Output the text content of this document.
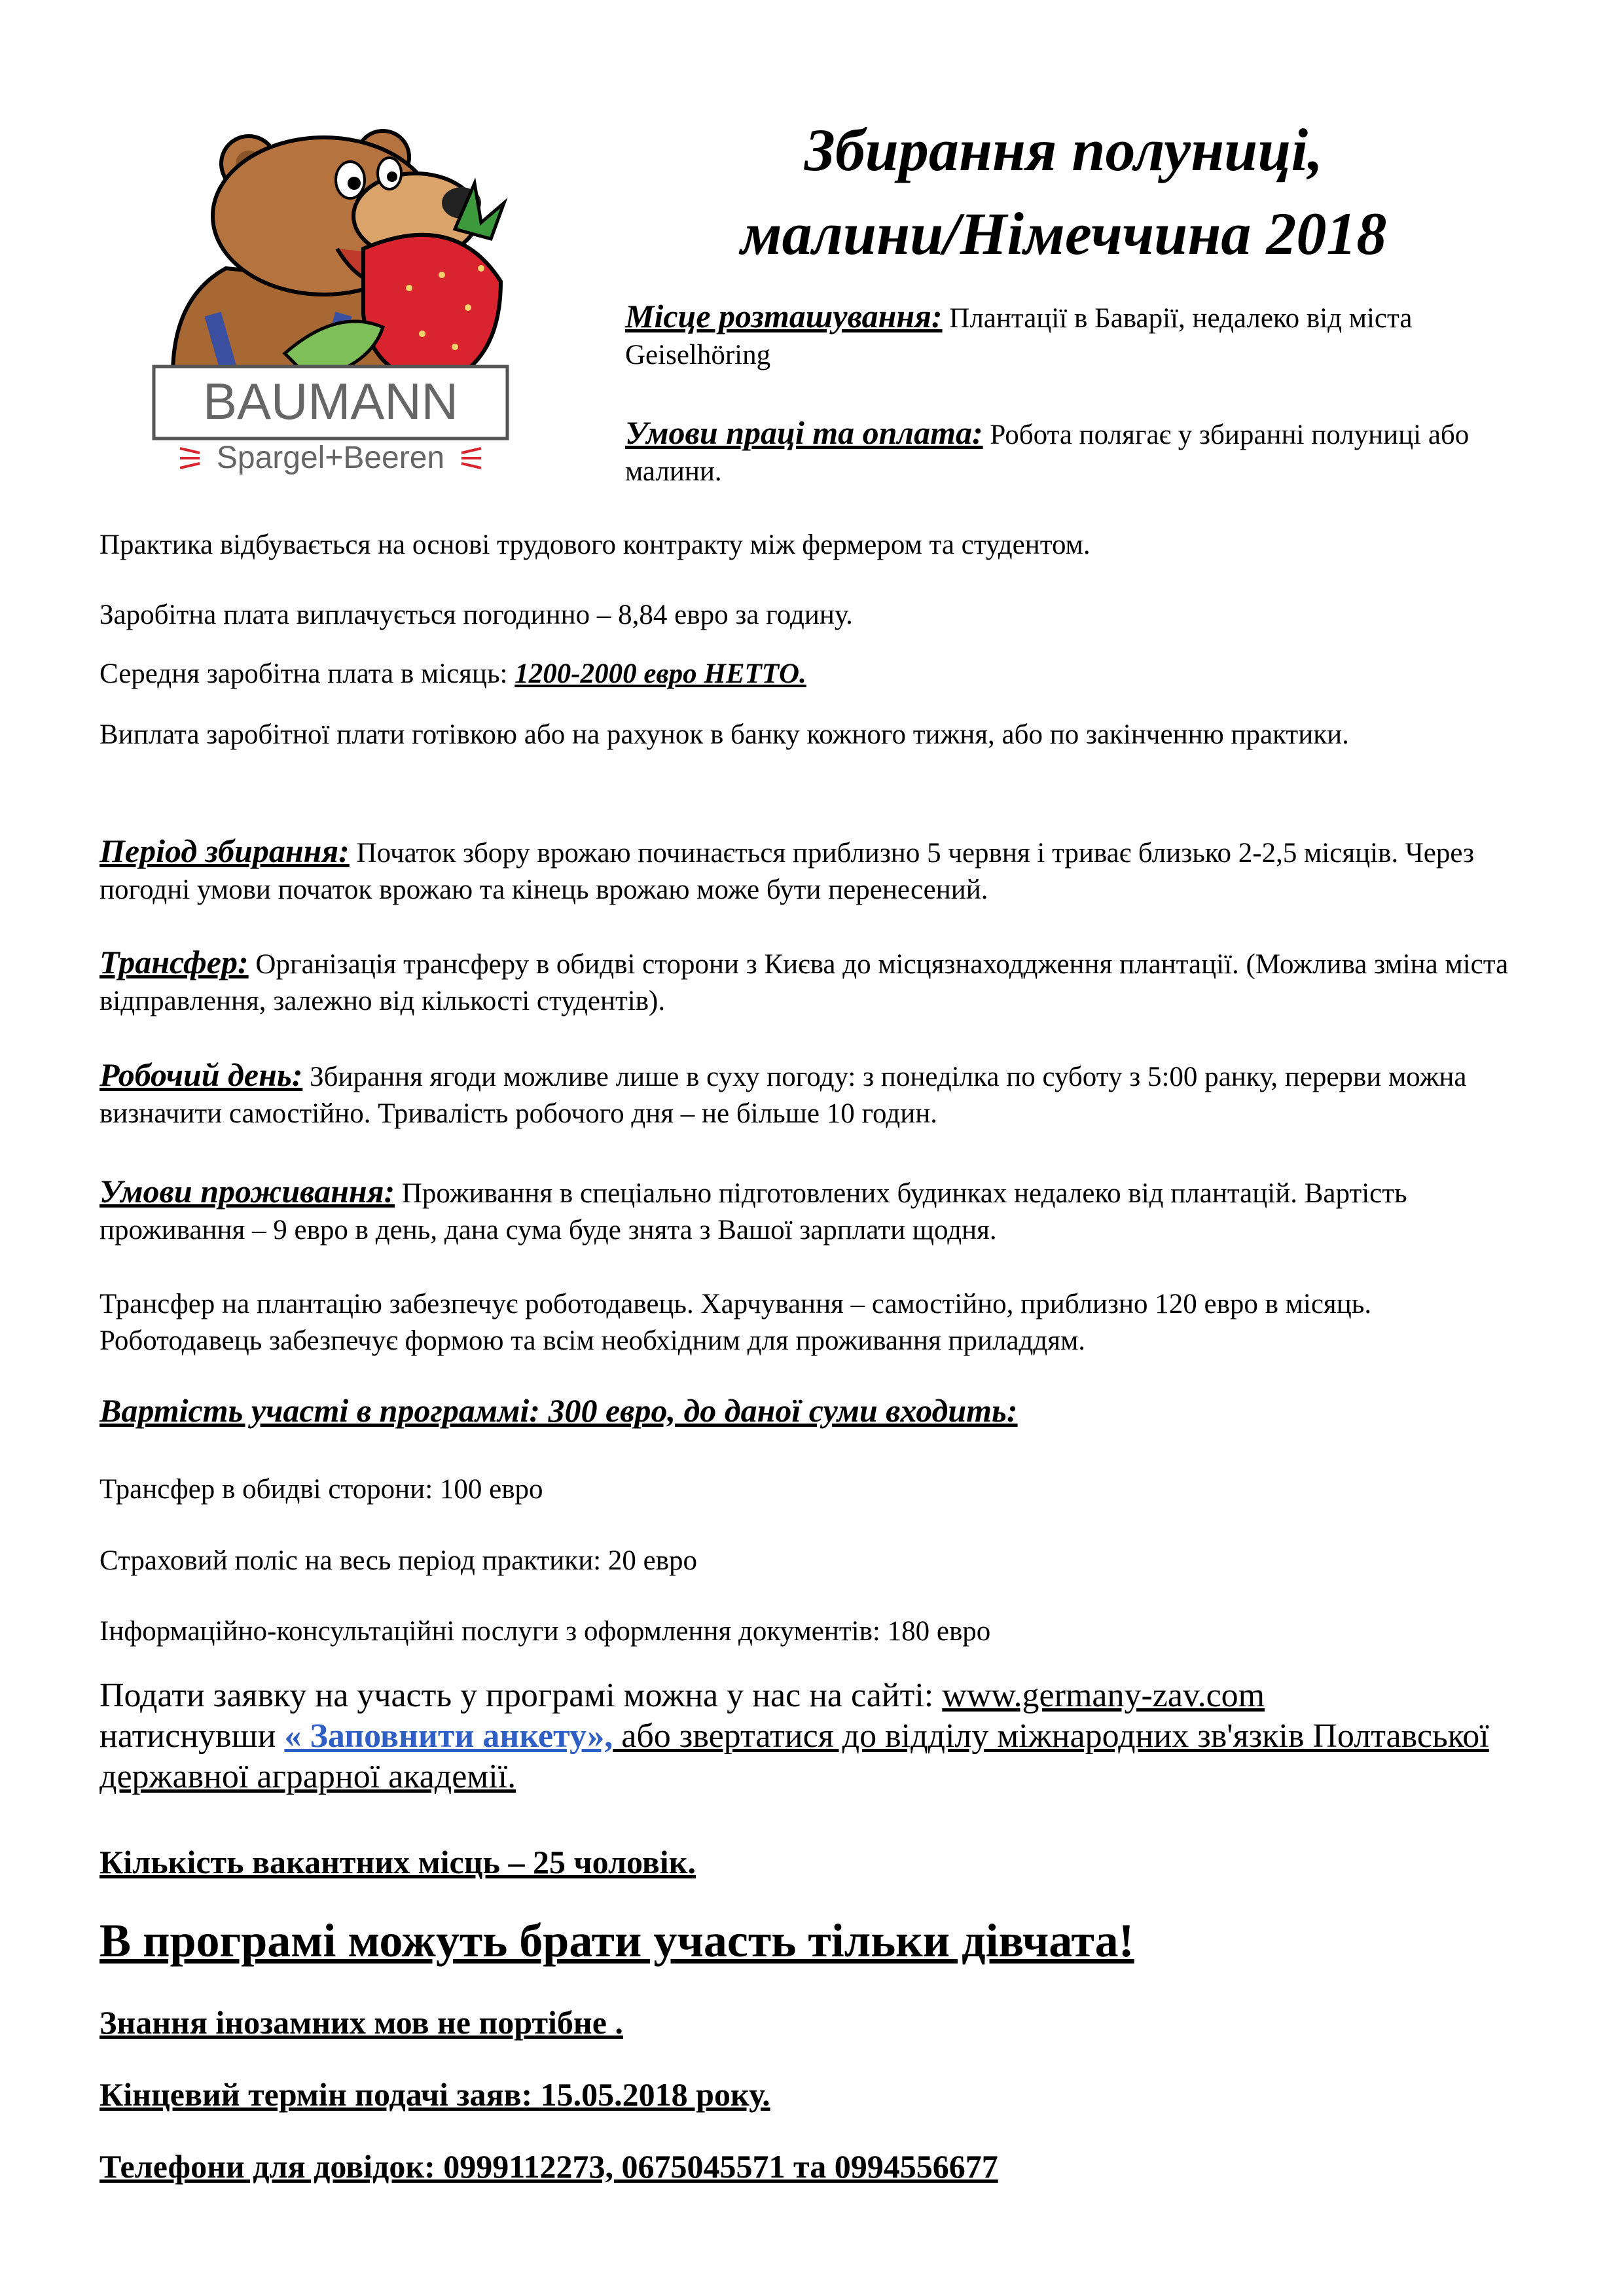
BAUMANN
Spargel+Beeren
Збирання полуниці,
малини/Німеччина 2018

Місце розташування: Плантації в Баварії, недалеко від міста Geiselhöring

Умови праці та оплата: Робота полягає у збиранні полуниці або малини.

Практика відбувається на основі трудового контракту між фермером та студентом.

Заробітна плата виплачується погодинно – 8,84 евро за годину.

Середня заробітна плата в місяць: 1200-2000 евро НЕТТО.

Виплата заробітної плати готівкою або на рахунок в банку кожного тижня, або по закінченню практики.

Період збирання: Початок збору врожаю починається приблизно 5 червня і триває близько 2-2,5 місяців. Через погодні умови початок врожаю та кінець врожаю може бути перенесений.

Трансфер: Організація трансферу в обидві сторони з Києва до місцязнаходдження плантації. (Можлива зміна міста відправлення, залежно від кількості студентів).

Робочий день: Збирання ягоди можливе лише в суху погоду: з понеділка по суботу з 5:00 ранку, перерви можна визначити самостійно. Тривалість робочого дня – не більше 10 годин.

Умови проживання: Проживання в спеціально підготовлених будинках недалеко від плантацій. Вартість проживання – 9 евро в день, дана сума буде знята з Вашої зарплати щодня.

Трансфер на плантацію забезпечує роботодавець. Харчування – самостійно, приблизно 120 евро в місяць. Роботодавець забезпечує формою та всім необхідним для проживання приладдям.

Вартість участі в программі: 300 евро, до даної суми входить:

Трансфер в обидві сторони: 100 евро

Страховий поліс на весь період практики: 20 евро

Інформаційно-консультаційні послуги з оформлення документів: 180 евро

Подати заявку на участь у програмі можна у нас на сайті: www.germany-zav.com
натиснувши « Заповнити анкету», або звертатися до відділу міжнародних зв'язків Полтавської державної аграрної академії.

Кількість вакантних місць – 25 чоловік.

В програмі можуть брати участь тільки дівчата!

Знання інозамних мов не портібне .

Кінцевий термін подачі заяв: 15.05.2018 року.

Телефони для довідок: 0999112273, 0675045571 та 0994556677
